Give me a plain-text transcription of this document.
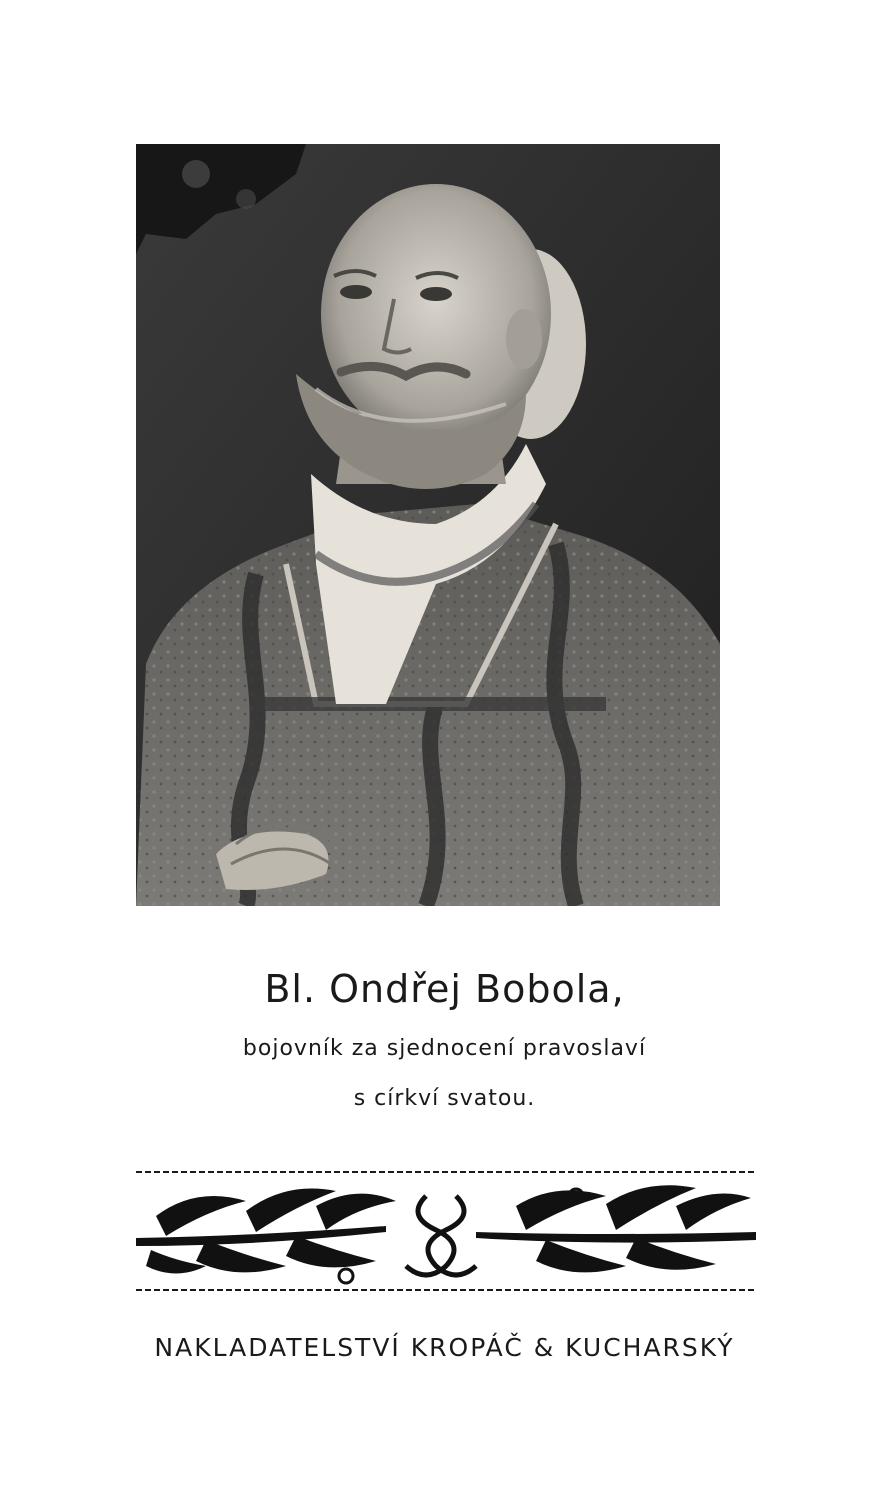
Bl. Ondřej Bobola,
bojovník za sjednocení pravoslaví
s církví svatou.
NAKLADATELSTVÍ KROPÁČ & KUCHARSKÝ
